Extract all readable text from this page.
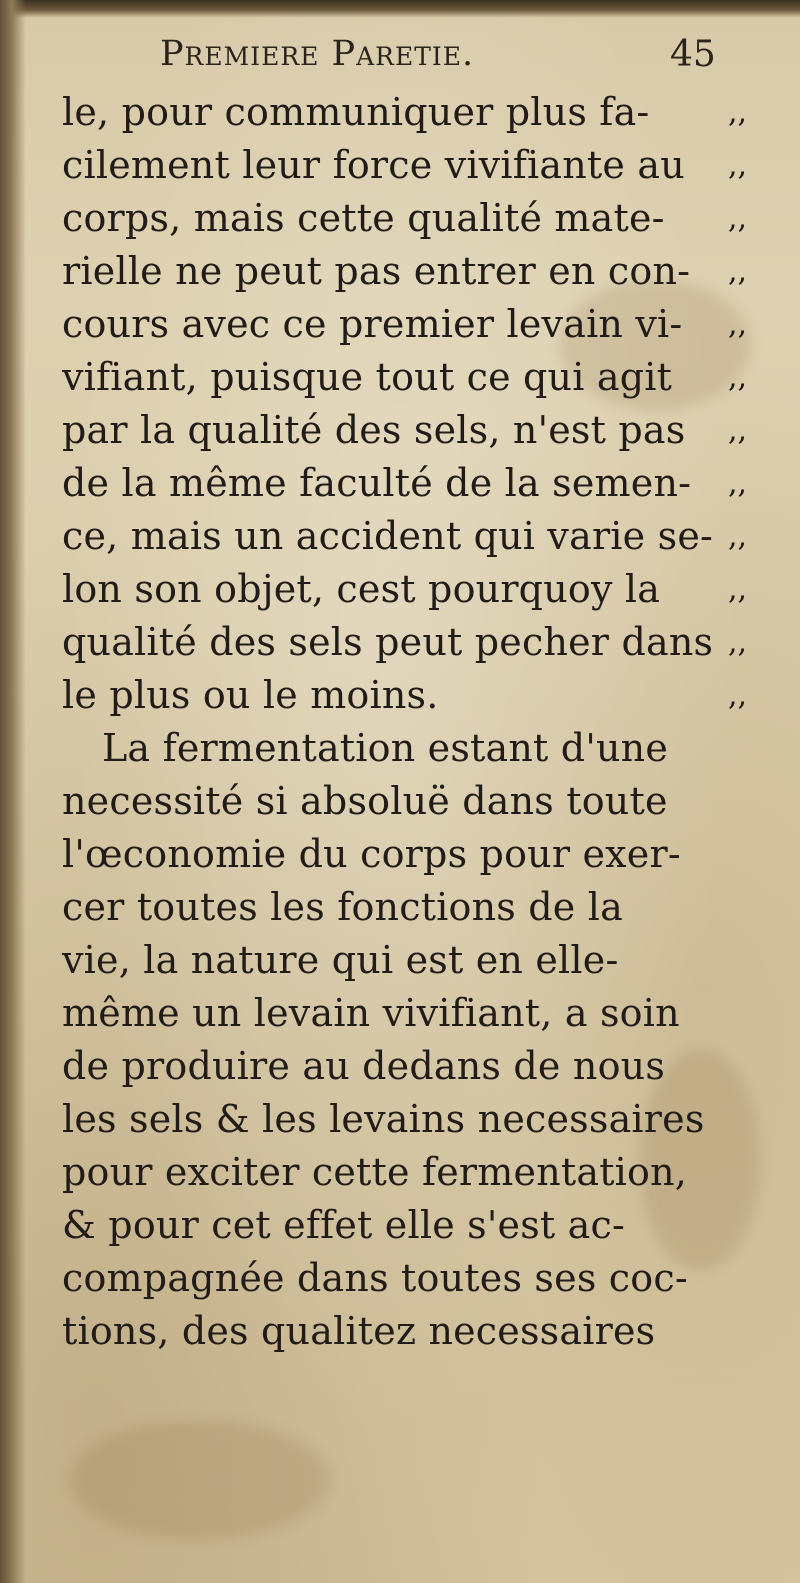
Premiere Paretie.	45
le, pour communiquer plus fa-
cilement leur force vivifiante au
corps, mais cette qualité mate-
rielle ne peut pas entrer en con-
cours avec ce premier levain vi-
vifiant, puisque tout ce qui agit
par la qualité des sels, n'est pas
de la même faculté de la semen-
ce, mais un accident qui varie se-
lon son objet, cest pourquoy la
qualité des sels peut pecher dans
le plus ou le moins.
La fermentation estant d'une
necessité si absoluë dans toute
l'œconomie du corps pour exer-
cer toutes les fonctions de la
vie, la nature qui est en elle-
même un levain vivifiant, a soin
de produire au dedans de nous
les sels & les levains necessaires
pour exciter cette fermentation,
& pour cet effet elle s'est ac-
compagnée dans toutes ses coc-
tions, des qualitez necessaires
,,
,,
,,
,,
,,
,,
,,
,,
,,
,,
,,
,,
